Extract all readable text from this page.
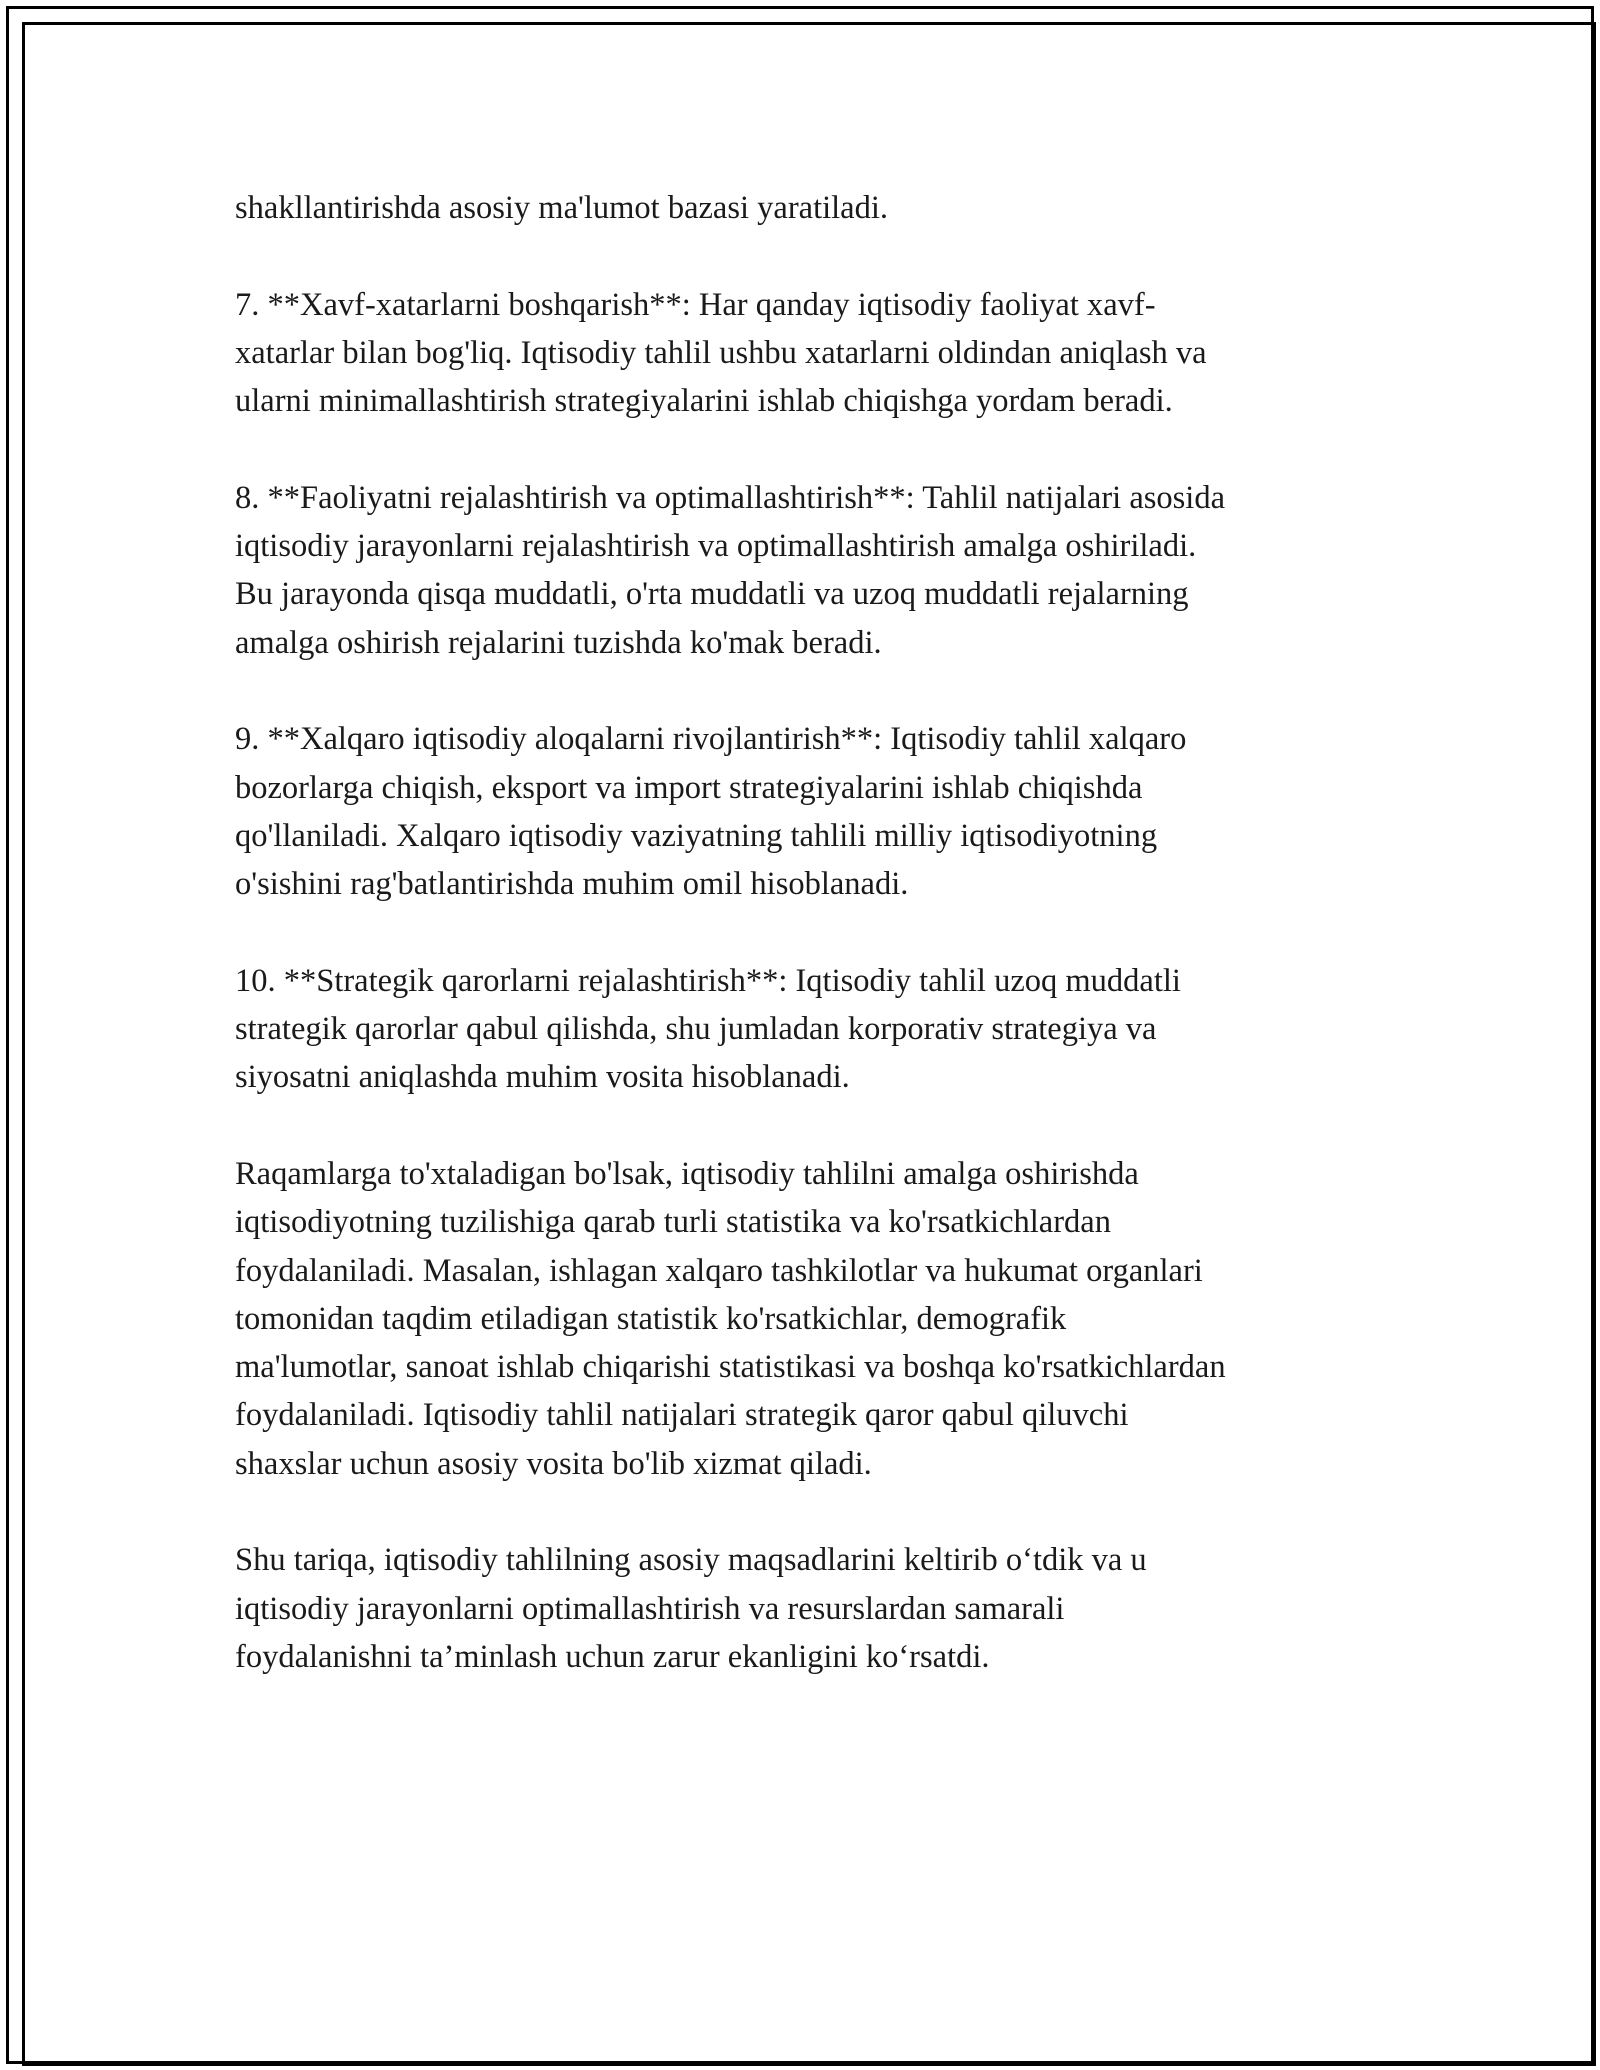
shakllantirishda asosiy ma'lumot bazasi yaratiladi.
7. **Xavf-xatarlarni boshqarish**: Har qanday iqtisodiy faoliyat xavf-
xatarlar bilan bog'liq. Iqtisodiy tahlil ushbu xatarlarni oldindan aniqlash va
ularni minimallashtirish strategiyalarini ishlab chiqishga yordam beradi.
8. **Faoliyatni rejalashtirish va optimallashtirish**: Tahlil natijalari asosida
iqtisodiy jarayonlarni rejalashtirish va optimallashtirish amalga oshiriladi.
Bu jarayonda qisqa muddatli, o'rta muddatli va uzoq muddatli rejalarning
amalga oshirish rejalarini tuzishda ko'mak beradi.
9. **Xalqaro iqtisodiy aloqalarni rivojlantirish**: Iqtisodiy tahlil xalqaro
bozorlarga chiqish, eksport va import strategiyalarini ishlab chiqishda
qo'llaniladi. Xalqaro iqtisodiy vaziyatning tahlili milliy iqtisodiyotning
o'sishini rag'batlantirishda muhim omil hisoblanadi.
10. **Strategik qarorlarni rejalashtirish**: Iqtisodiy tahlil uzoq muddatli
strategik qarorlar qabul qilishda, shu jumladan korporativ strategiya va
siyosatni aniqlashda muhim vosita hisoblanadi.
Raqamlarga to'xtaladigan bo'lsak, iqtisodiy tahlilni amalga oshirishda
iqtisodiyotning tuzilishiga qarab turli statistika va ko'rsatkichlardan
foydalaniladi. Masalan, ishlagan xalqaro tashkilotlar va hukumat organlari
tomonidan taqdim etiladigan statistik ko'rsatkichlar, demografik
ma'lumotlar, sanoat ishlab chiqarishi statistikasi va boshqa ko'rsatkichlardan
foydalaniladi. Iqtisodiy tahlil natijalari strategik qaror qabul qiluvchi
shaxslar uchun asosiy vosita bo'lib xizmat qiladi.
Shu tariqa, iqtisodiy tahlilning asosiy maqsadlarini keltirib o‘tdik va u
iqtisodiy jarayonlarni optimallashtirish va resurslardan samarali
foydalanishni ta’minlash uchun zarur ekanligini ko‘rsatdi.
